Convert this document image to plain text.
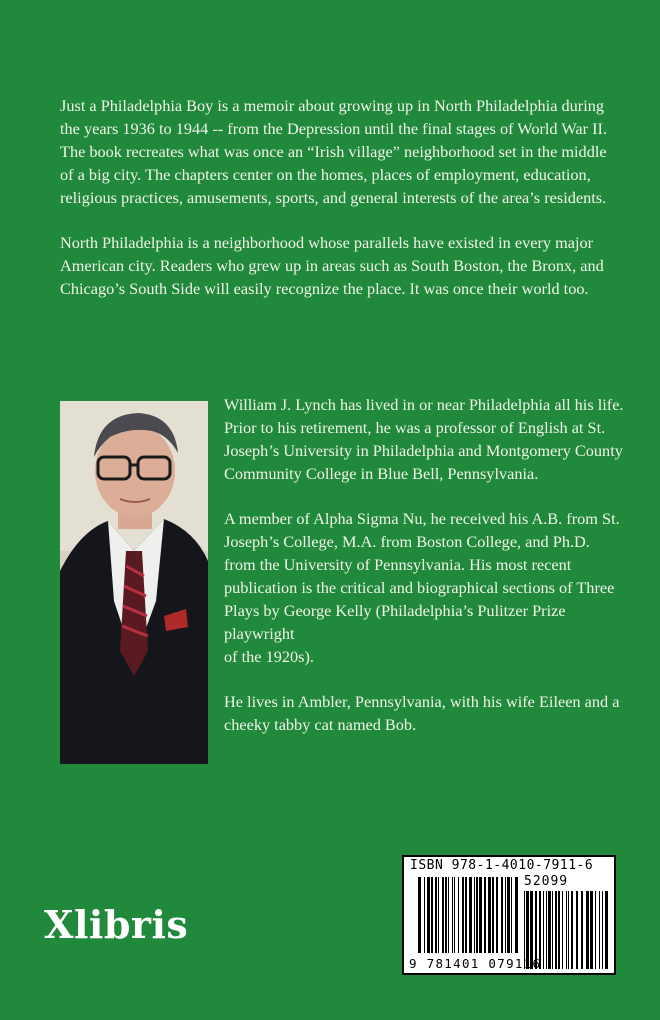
Just a Philadelphia Boy is a memoir about growing up in North Philadelphia during the years 1936 to 1944 -- from the Depression until the final stages of World War II. The book recreates what was once an “Irish village” neighborhood set in the middle of a big city. The chapters center on the homes, places of employment, education, religious practices, amusements, sports, and general interests of the area’s residents.

North Philadelphia is a neighborhood whose parallels have existed in every major American city. Readers who grew up in areas such as South Boston, the Bronx, and Chicago’s South Side will easily recognize the place. It was once their world too.

William J. Lynch has lived in or near Philadelphia all his life. Prior to his retirement, he was a professor of English at St. Joseph’s University in Philadelphia and Montgomery County Community College in Blue Bell, Pennsylvania.

A member of Alpha Sigma Nu, he received his A.B. from St. Joseph’s College, M.A. from Boston College, and Ph.D. from the University of Pennsylvania. His most recent publication is the critical and biographical sections of Three Plays by George Kelly (Philadelphia’s Pulitzer Prize playwright

of the 1920s).

He lives in Ambler, Pennsylvania, with his wife Eileen and a cheeky tabby cat named Bob.

Xlibris
ISBN 978-1-4010-7911-6
52099
9 781401 079116
